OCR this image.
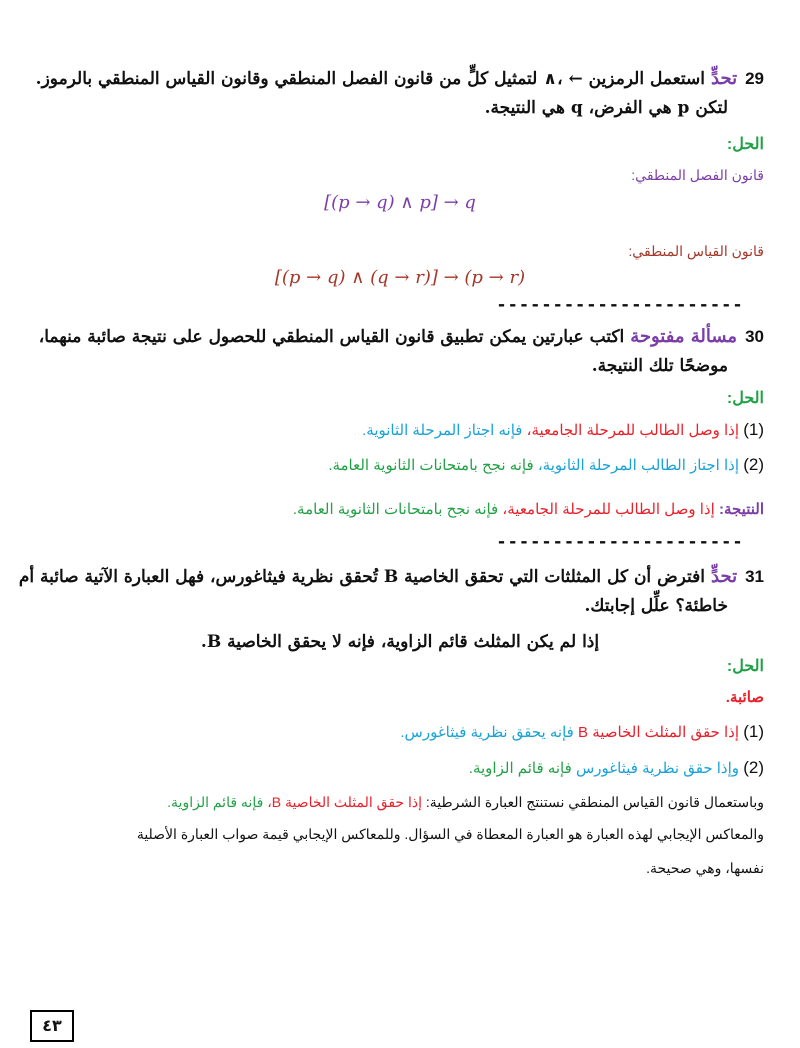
29تحدٍّاستعمل الرمزين ← ،∧ لتمثيل كلٍّ من قانون الفصل المنطقي وقانون القياس المنطقي بالرموز.
لتكن p هي الفرض، q هي النتيجة.
الحل:
قانون الفصل المنطقي:
[(p → q) ∧ p] → q
قانون القياس المنطقي:
[(p → q) ∧ (q → r)] → (p → r)
----------------------
30مسألة مفتوحةاكتب عبارتين يمكن تطبيق قانون القياس المنطقي للحصول على نتيجة صائبة منهما،
موضحًا تلك النتيجة.
الحل:
(1) إذا وصل الطالب للمرحلة الجامعية، فإنه اجتاز المرحلة الثانوية.
(2) إذا اجتاز الطالب المرحلة الثانوية، فإنه نجح بامتحانات الثانوية العامة.
النتيجة: إذا وصل الطالب للمرحلة الجامعية، فإنه نجح بامتحانات الثانوية العامة.
----------------------
31تحدٍّافترض أن كل المثلثات التي تحقق الخاصية B تُحقق نظرية فيثاغورس، فهل العبارة الآتية صائبة أم
خاطئة؟ علِّل إجابتك.
إذا لم يكن المثلث قائم الزاوية، فإنه لا يحقق الخاصية B.
الحل:
صائبة.
(1) إذا حقق المثلث الخاصية B فإنه يحقق نظرية فيثاغورس.
(2) وإذا حقق نظرية فيثاغورس فإنه قائم الزاوية.
وباستعمال قانون القياس المنطقي نستنتج العبارة الشرطية: إذا حقق المثلث الخاصية B، فإنه قائم الزاوية.
والمعاكس الإيجابي لهذه العبارة هو العبارة المعطاة في السؤال. وللمعاكس الإيجابي قيمة صواب العبارة الأصلية
نفسها، وهي صحيحة.
٤٣
